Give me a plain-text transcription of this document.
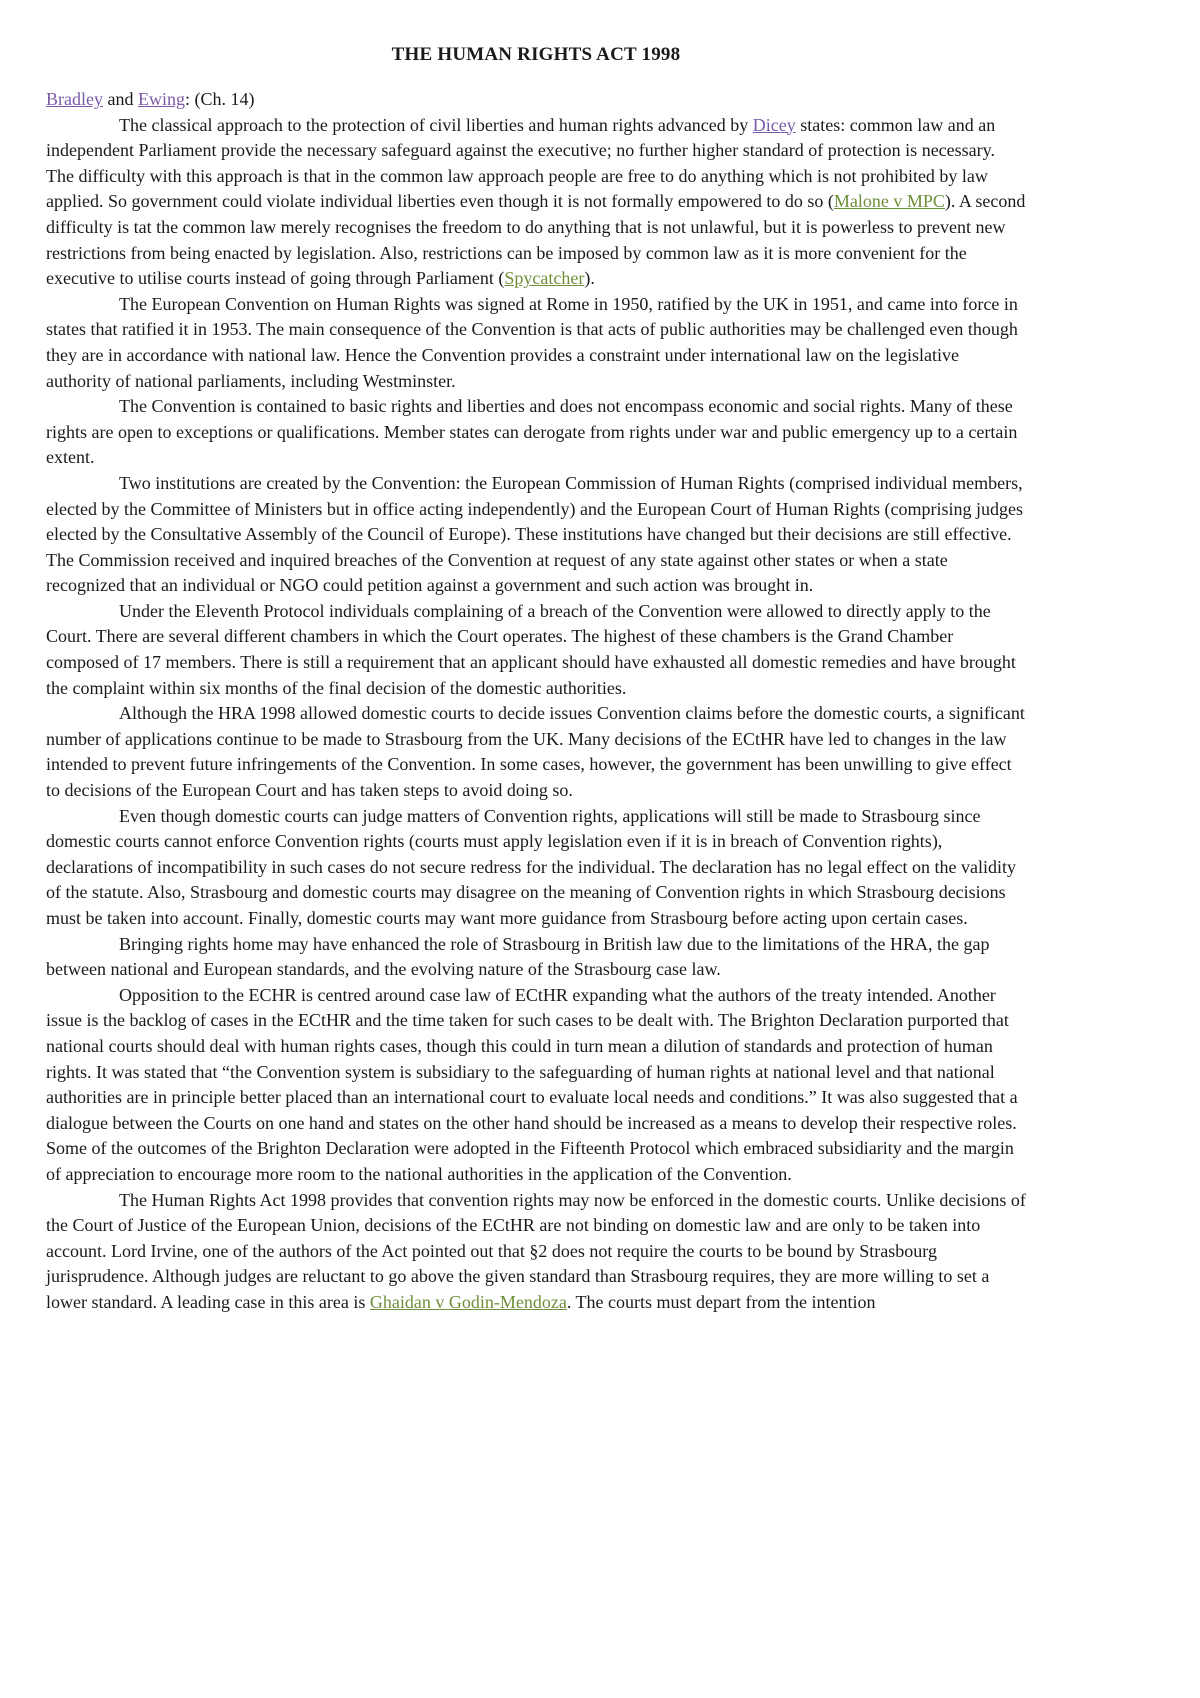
THE HUMAN RIGHTS ACT 1998

Bradley and Ewing: (Ch. 14)

The classical approach to the protection of civil liberties and human rights advanced by Dicey states: common law and an independent Parliament provide the necessary safeguard against the executive; no further higher standard of protection is necessary. The difficulty with this approach is that in the common law approach people are free to do anything which is not prohibited by law applied. So government could violate individual liberties even though it is not formally empowered to do so (Malone v MPC). A second difficulty is tat the common law merely recognises the freedom to do anything that is not unlawful, but it is powerless to prevent new restrictions from being enacted by legislation. Also, restrictions can be imposed by common law as it is more convenient for the executive to utilise courts instead of going through Parliament (Spycatcher).

The European Convention on Human Rights was signed at Rome in 1950, ratified by the UK in 1951, and came into force in states that ratified it in 1953. The main consequence of the Convention is that acts of public authorities may be challenged even though they are in accordance with national law. Hence the Convention provides a constraint under international law on the legislative authority of national parliaments, including Westminster.

The Convention is contained to basic rights and liberties and does not encompass economic and social rights. Many of these rights are open to exceptions or qualifications. Member states can derogate from rights under war and public emergency up to a certain extent.

Two institutions are created by the Convention: the European Commission of Human Rights (comprised individual members, elected by the Committee of Ministers but in office acting independently) and the European Court of Human Rights (comprising judges elected by the Consultative Assembly of the Council of Europe). These institutions have changed but their decisions are still effective. The Commission received and inquired breaches of the Convention at request of any state against other states or when a state recognized that an individual or NGO could petition against a government and such action was brought in.

Under the Eleventh Protocol individuals complaining of a breach of the Convention were allowed to directly apply to the Court. There are several different chambers in which the Court operates. The highest of these chambers is the Grand Chamber composed of 17 members. There is still a requirement that an applicant should have exhausted all domestic remedies and have brought the complaint within six months of the final decision of the domestic authorities.

Although the HRA 1998 allowed domestic courts to decide issues Convention claims before the domestic courts, a significant number of applications continue to be made to Strasbourg from the UK. Many decisions of the ECtHR have led to changes in the law intended to prevent future infringements of the Convention. In some cases, however, the government has been unwilling to give effect to decisions of the European Court and has taken steps to avoid doing so.

Even though domestic courts can judge matters of Convention rights, applications will still be made to Strasbourg since domestic courts cannot enforce Convention rights (courts must apply legislation even if it is in breach of Convention rights), declarations of incompatibility in such cases do not secure redress for the individual. The declaration has no legal effect on the validity of the statute. Also, Strasbourg and domestic courts may disagree on the meaning of Convention rights in which Strasbourg decisions must be taken into account. Finally, domestic courts may want more guidance from Strasbourg before acting upon certain cases.

Bringing rights home may have enhanced the role of Strasbourg in British law due to the limitations of the HRA, the gap between national and European standards, and the evolving nature of the Strasbourg case law.

Opposition to the ECHR is centred around case law of ECtHR expanding what the authors of the treaty intended. Another issue is the backlog of cases in the ECtHR and the time taken for such cases to be dealt with. The Brighton Declaration purported that national courts should deal with human rights cases, though this could in turn mean a dilution of standards and protection of human rights. It was stated that “the Convention system is subsidiary to the safeguarding of human rights at national level and that national authorities are in principle better placed than an international court to evaluate local needs and conditions.” It was also suggested that a dialogue between the Courts on one hand and states on the other hand should be increased as a means to develop their respective roles. Some of the outcomes of the Brighton Declaration were adopted in the Fifteenth Protocol which embraced subsidiarity and the margin of appreciation to encourage more room to the national authorities in the application of the Convention.

The Human Rights Act 1998 provides that convention rights may now be enforced in the domestic courts. Unlike decisions of the Court of Justice of the European Union, decisions of the ECtHR are not binding on domestic law and are only to be taken into account. Lord Irvine, one of the authors of the Act pointed out that §2 does not require the courts to be bound by Strasbourg jurisprudence. Although judges are reluctant to go above the given standard than Strasbourg requires, they are more willing to set a lower standard. A leading case in this area is Ghaidan v Godin-Mendoza. The courts must depart from the intention
